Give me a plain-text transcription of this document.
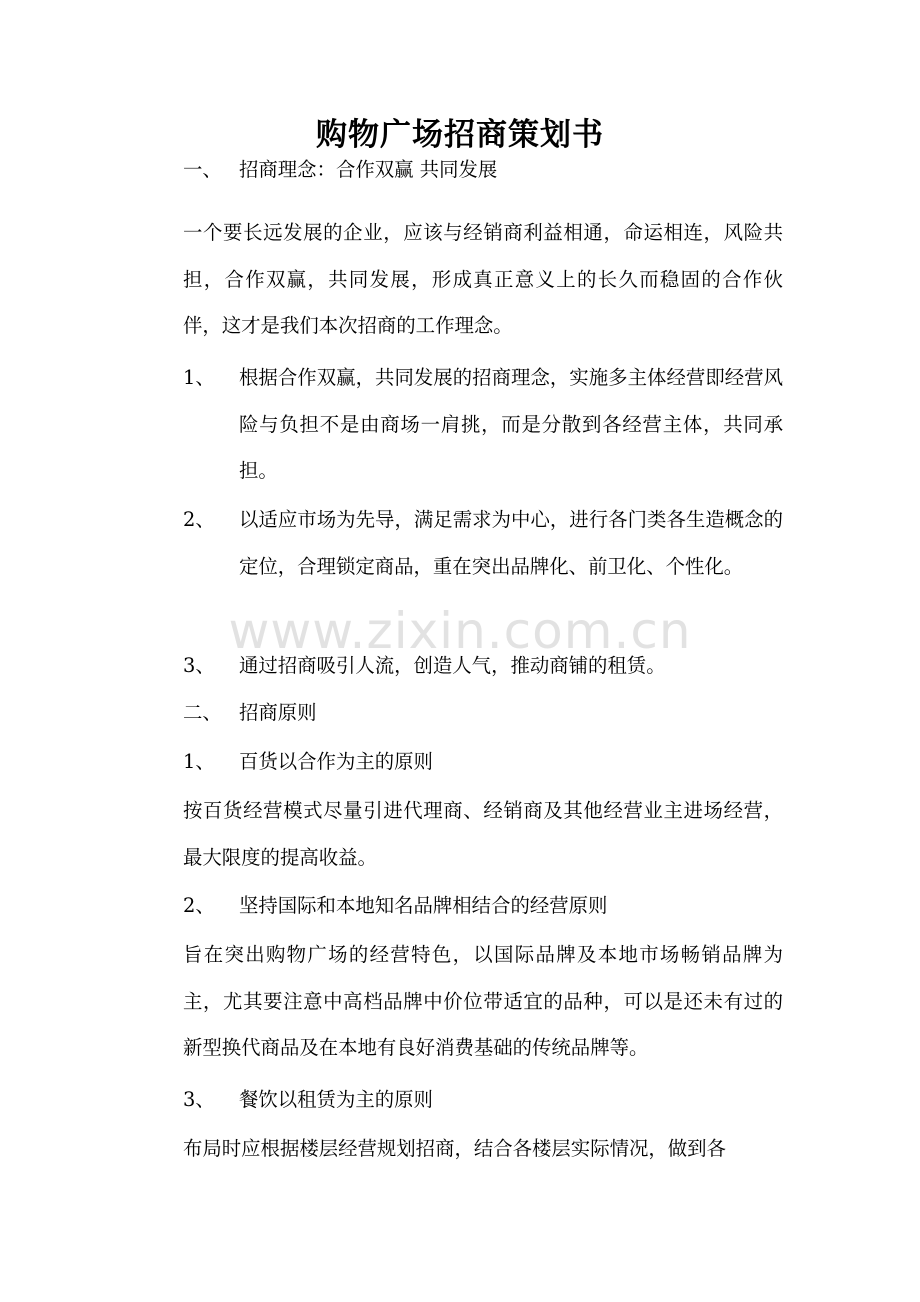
购物广场招商策划书
一、 招商理念：合作双赢 共同发展

一个要长远发展的企业，应该与经销商利益相通，命运相连，风险共担，合作双赢，共同发展，形成真正意义上的长久而稳固的合作伙伴，这才是我们本次招商的工作理念。

1、 根据合作双赢，共同发展的招商理念，实施多主体经营即经营风险与负担不是由商场一肩挑，而是分散到各经营主体，共同承担。
2、 以适应市场为先导，满足需求为中心，进行各门类各生造概念的定位，合理锁定商品，重在突出品牌化、前卫化、个性化。
3、 通过招商吸引人流，创造人气，推动商铺的租赁。
二、 招商原则
1、 百货以合作为主的原则

按百货经营模式尽量引进代理商、经销商及其他经营业主进场经营，最大限度的提高收益。

2、 坚持国际和本地知名品牌相结合的经营原则

旨在突出购物广场的经营特色，以国际品牌及本地市场畅销品牌为主，尤其要注意中高档品牌中价位带适宜的品种，可以是还未有过的新型换代商品及在本地有良好消费基础的传统品牌等。

3、 餐饮以租赁为主的原则

布局时应根据楼层经营规划招商，结合各楼层实际情况，做到各

www.zixin.com.cn
